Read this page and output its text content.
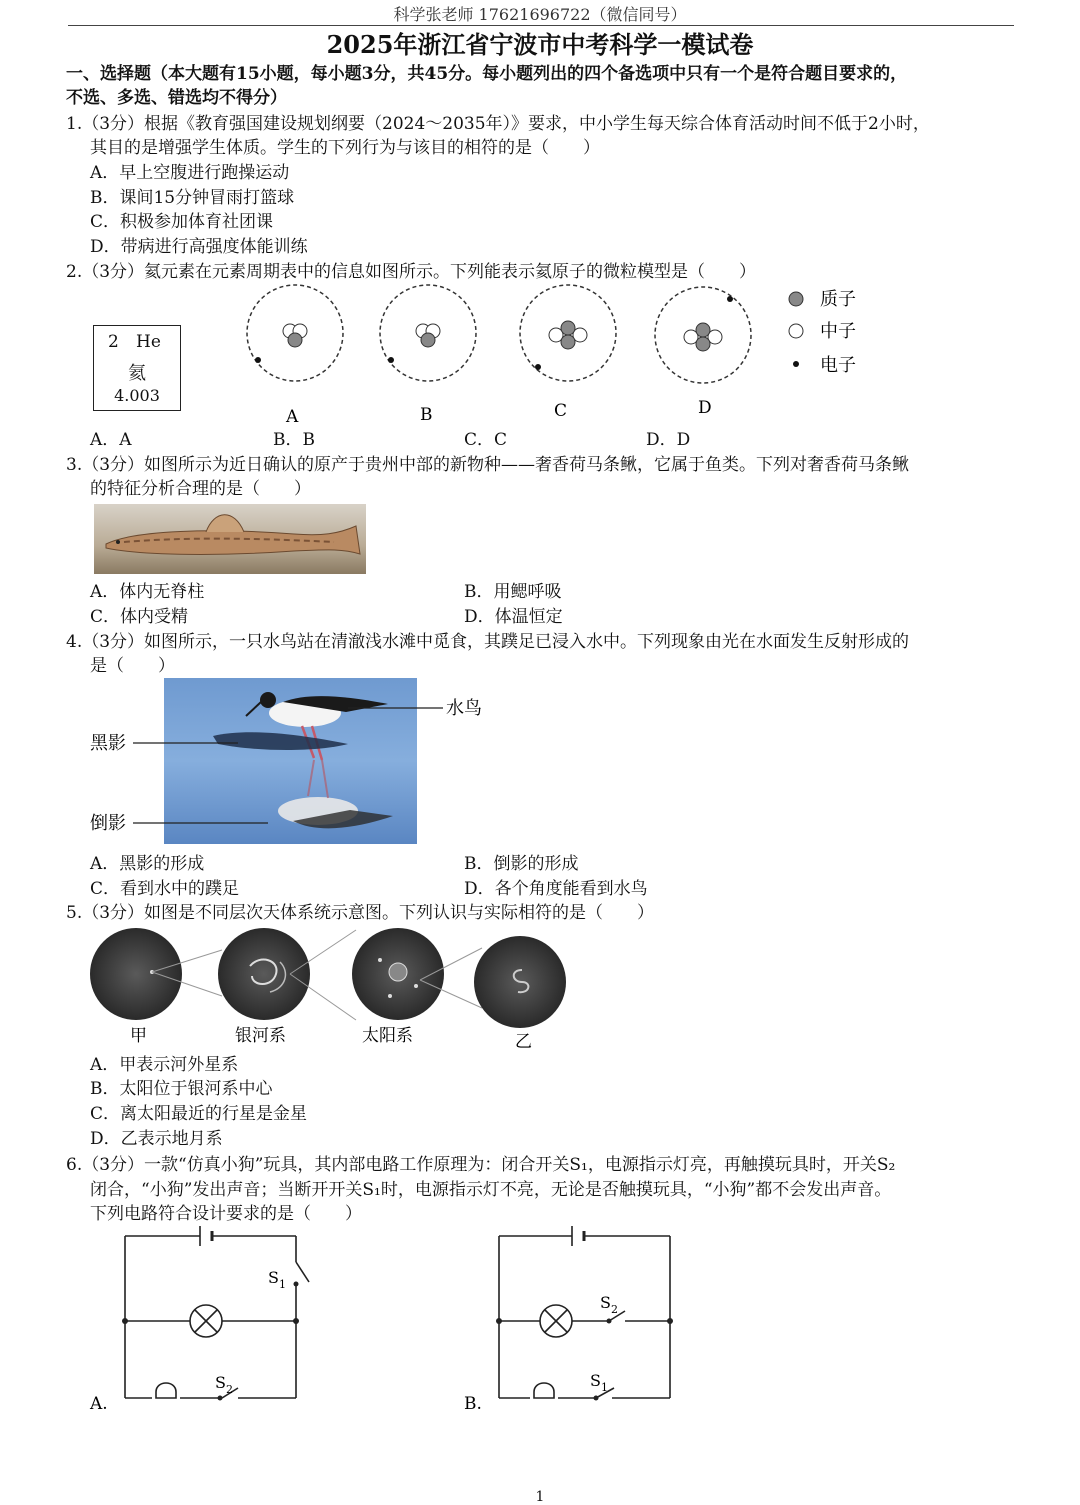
科学张老师 17621696722（微信同号）
2025年浙江省宁波市中考科学一模试卷
一、选择题（本大题有15小题，每小题3分，共45分。每小题列出的四个备选项中只有一个是符合题目要求的，
不选、多选、错选均不得分）
1.（3分）根据《教育强国建设规划纲要（2024～2035年）》要求，中小学生每天综合体育活动时间不低于2小时，
其目的是增强学生体质。学生的下列行为与该目的相符的是（　　）
A．早上空腹进行跑操运动
B．课间15分钟冒雨打篮球
C．积极参加体育社团课
D．带病进行高强度体能训练
2.（3分）氦元素在元素周期表中的信息如图所示。下列能表示氦原子的微粒模型是（　　）
2 He
氦
4.003
A	B	C	D
质子
中子
电子
A．A	B．B	C．C	D．D
3.（3分）如图所示为近日确认的原产于贵州中部的新物种——奢香荷马条鳅，它属于鱼类。下列对奢香荷马条鳅
的特征分析合理的是（　　）
A．体内无脊柱	B．用鳃呼吸
C．体内受精	D．体温恒定
4.（3分）如图所示，一只水鸟站在清澈浅水滩中觅食，其蹼足已浸入水中。下列现象由光在水面发生反射形成的
是（　　）
水鸟
黑影
倒影
A．黑影的形成	B．倒影的形成
C．看到水中的蹼足	D．各个角度能看到水鸟
5.（3分）如图是不同层次天体系统示意图。下列认识与实际相符的是（　　）
甲	银河系	太阳系	乙
A．甲表示河外星系
B．太阳位于银河系中心
C．离太阳最近的行星是金星
D．乙表示地月系
6.（3分）一款“仿真小狗”玩具，其内部电路工作原理为：闭合开关S₁，电源指示灯亮，再触摸玩具时，开关S₂
闭合，“小狗”发出声音；当断开开关S₁时，电源指示灯不亮，无论是否触摸玩具，“小狗”都不会发出声音。
下列电路符合设计要求的是（　　）
S 1
S 2
A.
S 2
S 1
B.
1
